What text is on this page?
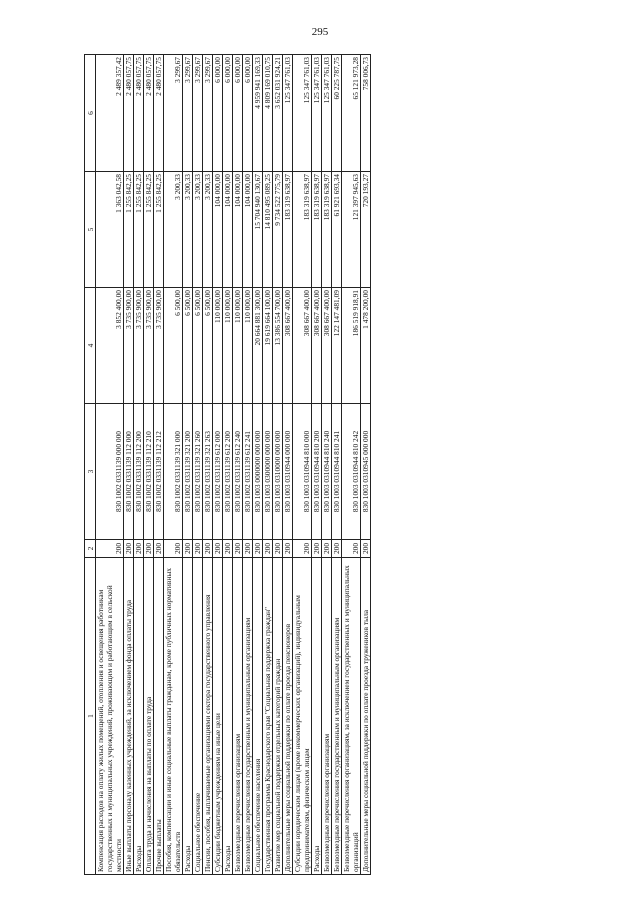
295
1	2	3	4	5	6
Компенсация расходов на оплату жилых помещений, отопления и освещения работникам государственных и муниципальных учреждений, проживающим и работающим в сельской местности	200	830 1002 0331139 000 000	3 852 400,00	1 363 042,58	2 489 357,42
Иные выплаты персоналу казенных учреждений, за исключением фонда оплаты труда	200	830 1002 0331139 112 000	3 735 900,00	1 255 842,25	2 480 057,75
Расходы	200	830 1002 0331139 112 200	3 735 900,00	1 255 842,25	2 480 057,75
Оплата труда и начисления на выплаты по оплате труда	200	830 1002 0331139 112 210	3 735 900,00	1 255 842,25	2 480 057,75
Прочие выплаты	200	830 1002 0331139 112 212	3 735 900,00	1 255 842,25	2 480 057,75
Пособия, компенсации и иные социальные выплаты гражданам, кроме публичных нормативных обязательств	200	830 1002 0331139 321 000	6 500,00	3 200,33	3 299,67
Расходы	200	830 1002 0331139 321 200	6 500,00	3 200,33	3 299,67
Социальное обеспечение	200	830 1002 0331139 321 260	6 500,00	3 200,33	3 299,67
Пенсии, пособия, выплачиваемые организациями сектора государственного управления	200	830 1002 0331139 321 263	6 500,00	3 200,33	3 299,67
Субсидии бюджетным учреждениям на иные цели	200	830 1002 0331139 612 000	110 000,00	104 000,00	6 000,00
Расходы	200	830 1002 0331139 612 200	110 000,00	104 000,00	6 000,00
Безвозмездные перечисления организациям	200	830 1002 0331139 612 240	110 000,00	104 000,00	6 000,00
Безвозмездные перечисления государственным и муниципальным организациям	200	830 1002 0331139 612 241	110 000,00	104 000,00	6 000,00
Социальное обеспечение населения	200	830 1003 0000000 000 000	20 664 881 300,00	15 704 940 130,67	4 959 941 169,33
Государственная программа Краснодарского края "Социальная поддержка граждан"	200	830 1003 0300000 000 000	19 619 664 100,00	14 810 495 089,25	4 809 169 010,75
Развитие мер социальной поддержки отдельных категорий граждан	200	830 1003 0310000 000 000	13 386 554 700,00	9 734 522 775,79	3 652 031 924,21
Дополнительные меры социальной поддержки по оплате проезда пенсионеров	200	830 1003 0310944 000 000	308 667 400,00	183 319 638,97	125 347 761,03
Субсидии юридическим лицам (кроме некоммерческих организаций), индивидуальным предпринимателям, физическим лицам	200	830 1003 0310944 810 000	308 667 400,00	183 319 638,97	125 347 761,03
Расходы	200	830 1003 0310944 810 200	308 667 400,00	183 319 638,97	125 347 761,03
Безвозмездные перечисления организациям	200	830 1003 0310944 810 240	308 667 400,00	183 319 638,97	125 347 761,03
Безвозмездные перечисления государственным и муниципальным организациям	200	830 1003 0310944 810 241	122 147 481,09	61 921 693,34	60 225 787,75
Безвозмездные перечисления организациям, за исключением государственных и муниципальных организаций	200	830 1003 0310944 810 242	186 519 918,91	121 397 945,63	65 121 973,28
Дополнительные меры социальной поддержки по оплате проезда тружеников тыла	200	830 1003 0310945 000 000	1 478 200,00	720 193,27	758 006,73
